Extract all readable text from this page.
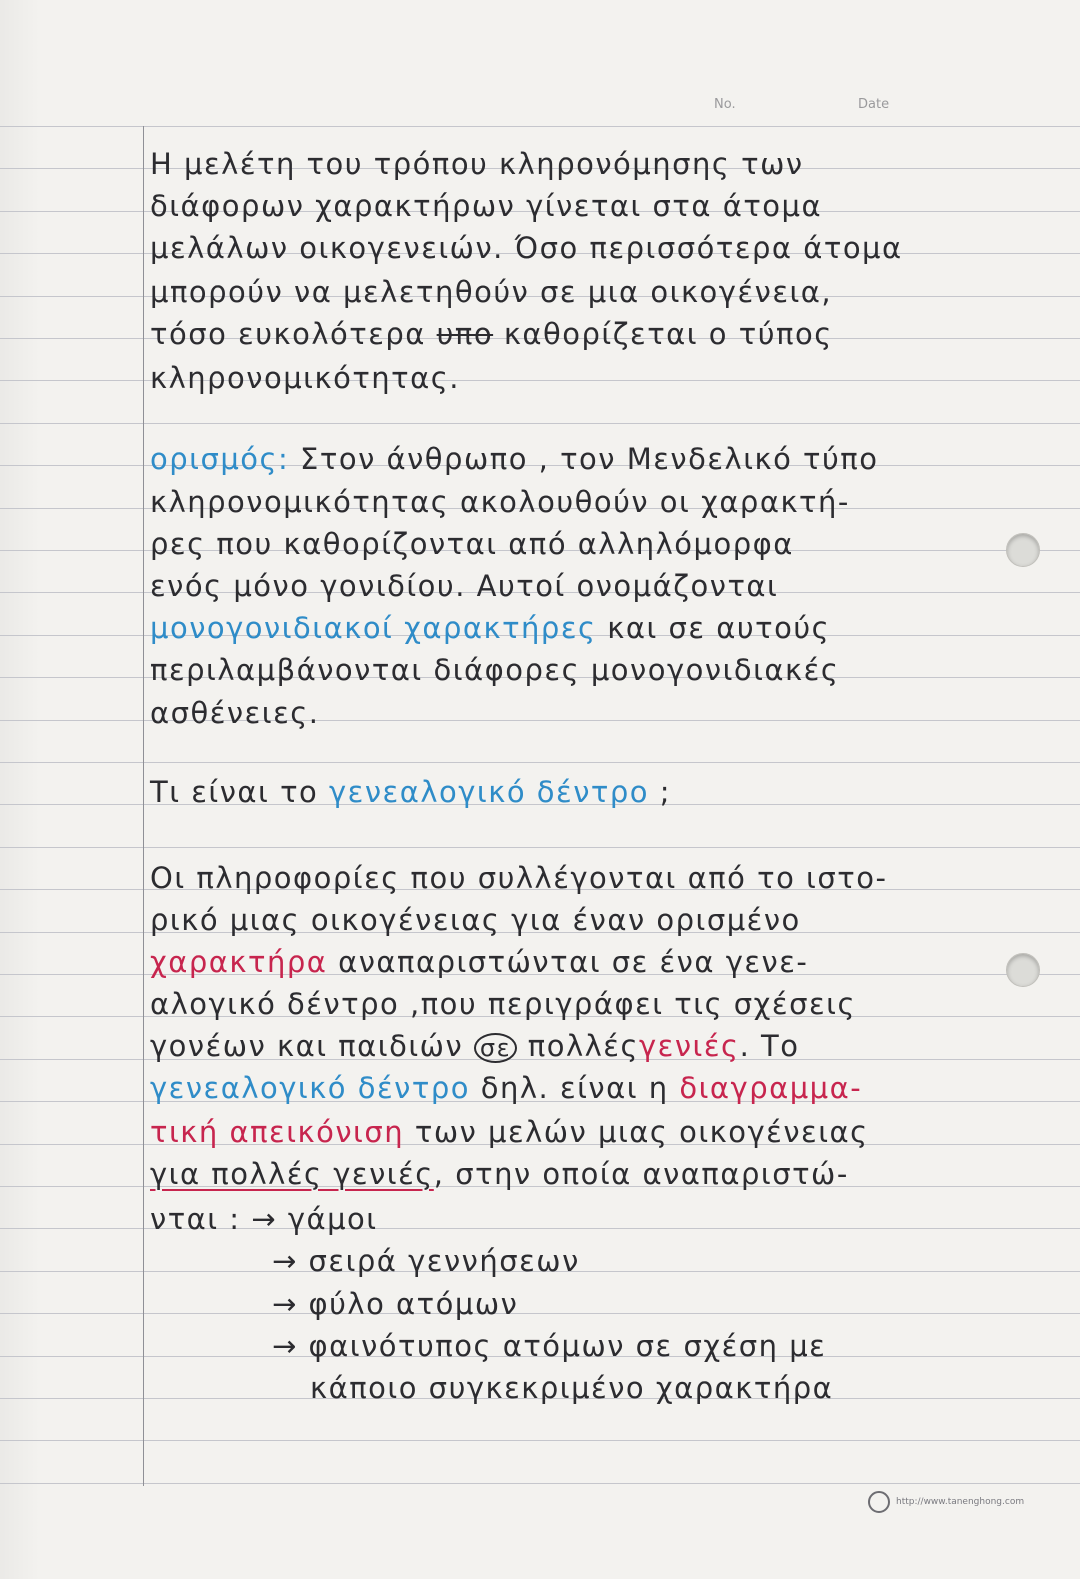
No.	Date
Η μελέτη του τρόπου κληρονόμησης των
διάφορων χαρακτήρων γίνεται στα άτομα
μελάλων οικογενειών. Όσο περισσότερα άτομα
μπορούν να μελετηθούν σε μια οικογένεια,
τόσο ευκολότερα υπο καθορίζεται ο τύπος
κληρονομικότητας.
ορισμός: Στον άνθρωπο , τον Μενδελικό τύπο
κληρονομικότητας ακολουθούν οι χαρακτή-
ρες που καθορίζονται από αλληλόμορφα
ενός μόνο γονιδίου. Αυτοί ονομάζονται
μονογονιδιακοί χαρακτήρες και σε αυτούς
περιλαμβάνονται διάφορες μονογονιδιακές
ασθένειες.
Τι είναι το γενεαλογικό δέντρο ;
Οι πληροφορίες που συλλέγονται από το ιστο-
ρικό μιας οικογένειας για έναν ορισμένο
χαρακτήρα αναπαριστώνται σε ένα γενε-
αλογικό δέντρο ,που περιγράφει τις σχέσεις
γονέων και παιδιών σε πολλέςγενιές. Το
γενεαλογικό δέντρο δηλ. είναι η διαγραμμα-
τική απεικόνιση των μελών μιας οικογένειας
για πολλές γενιές, στην οποία αναπαριστώ-
νται : → γάμοι
→ σειρά γεννήσεων
→ φύλο ατόμων
→ φαινότυπος ατόμων σε σχέση με
κάποιο συγκεκριμένο χαρακτήρα
http://www.tanenghong.com
